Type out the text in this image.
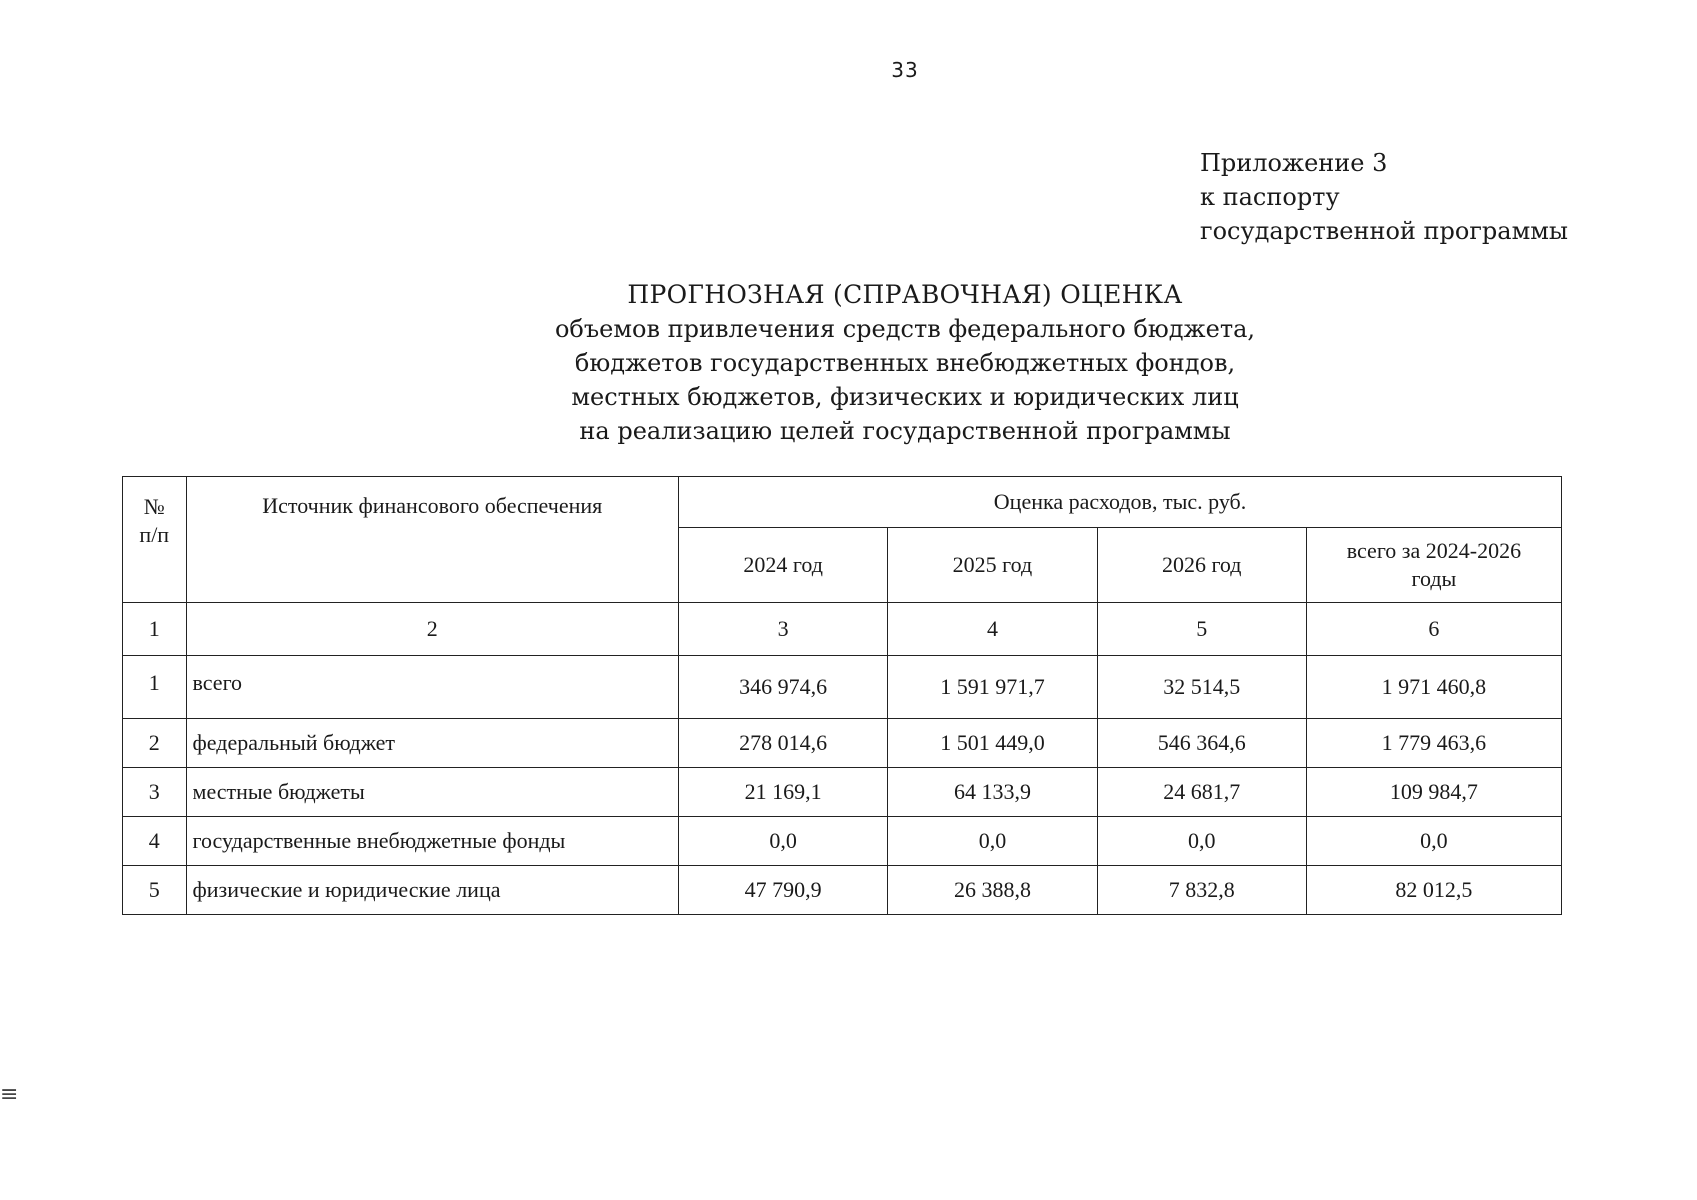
33
Приложение 3
к паспорту
государственной программы
ПРОГНОЗНАЯ (СПРАВОЧНАЯ) ОЦЕНКА
объемов привлечения средств федерального бюджета,
бюджетов государственных внебюджетных фондов,
местных бюджетов, физических и юридических лиц
на реализацию целей государственной программы
№
п/п	Источник финансового обеспечения	Оценка расходов, тыс. руб.			
		2024 год	2025 год	2026 год	всего за 2024-2026
годы

1	2	3	4	5	6
1	всего	346 974,6	1 591 971,7	32 514,5	1 971 460,8
2	федеральный бюджет	278 014,6	1 501 449,0	546 364,6	1 779 463,6
3	местные бюджеты	21 169,1	64 133,9	24 681,7	109 984,7
4	государственные внебюджетные фонды	0,0	0,0	0,0	0,0
5	физические и юридические лица	47 790,9	26 388,8	7 832,8	82 012,5
≡
